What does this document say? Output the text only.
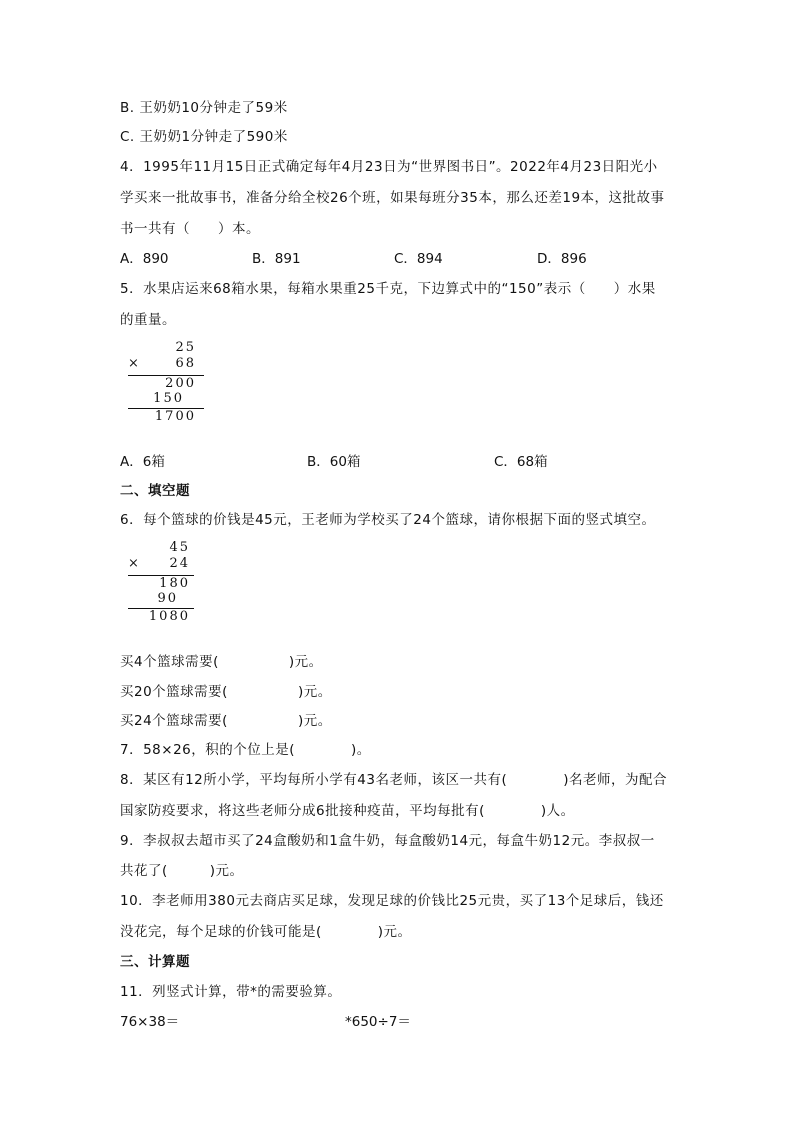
B. 王奶奶10分钟走了59米
C. 王奶奶1分钟走了590米
4．1995年11月15日正式确定每年4月23日为“世界图书日”。2022年4月23日阳光小
学买来一批故事书，准备分给全校26个班，如果每班分35本，那么还差19本，这批故事
书一共有（　　）本。
A．890	B．891	C．894	D．896
5．水果店运来68箱水果，每箱水果重25千克，下边算式中的“150”表示（　　）水果
的重量。
25
×	68
200
150
1700
A．6箱	B．60箱	C．68箱
二、填空题
6．每个篮球的价钱是45元，王老师为学校买了24个篮球，请你根据下面的竖式填空。
45
× 24
180
90
1080
买4个篮球需要(　　　　　)元。
买20个篮球需要(　　　　　)元。
买24个篮球需要(　　　　　)元。
7．58×26，积的个位上是(　　　　)。
8．某区有12所小学，平均每所小学有43名老师，该区一共有(　　　　)名老师，为配合
国家防疫要求，将这些老师分成6批接种疫苗，平均每批有(　　　　)人。
9．李叔叔去超市买了24盒酸奶和1盒牛奶，每盒酸奶14元，每盒牛奶12元。李叔叔一
共花了(　　　)元。
10．李老师用380元去商店买足球，发现足球的价钱比25元贵，买了13个足球后，钱还
没花完，每个足球的价钱可能是(　　　　)元。
三、计算题
11．列竖式计算，带*的需要验算。
76×38＝	*650÷7＝
